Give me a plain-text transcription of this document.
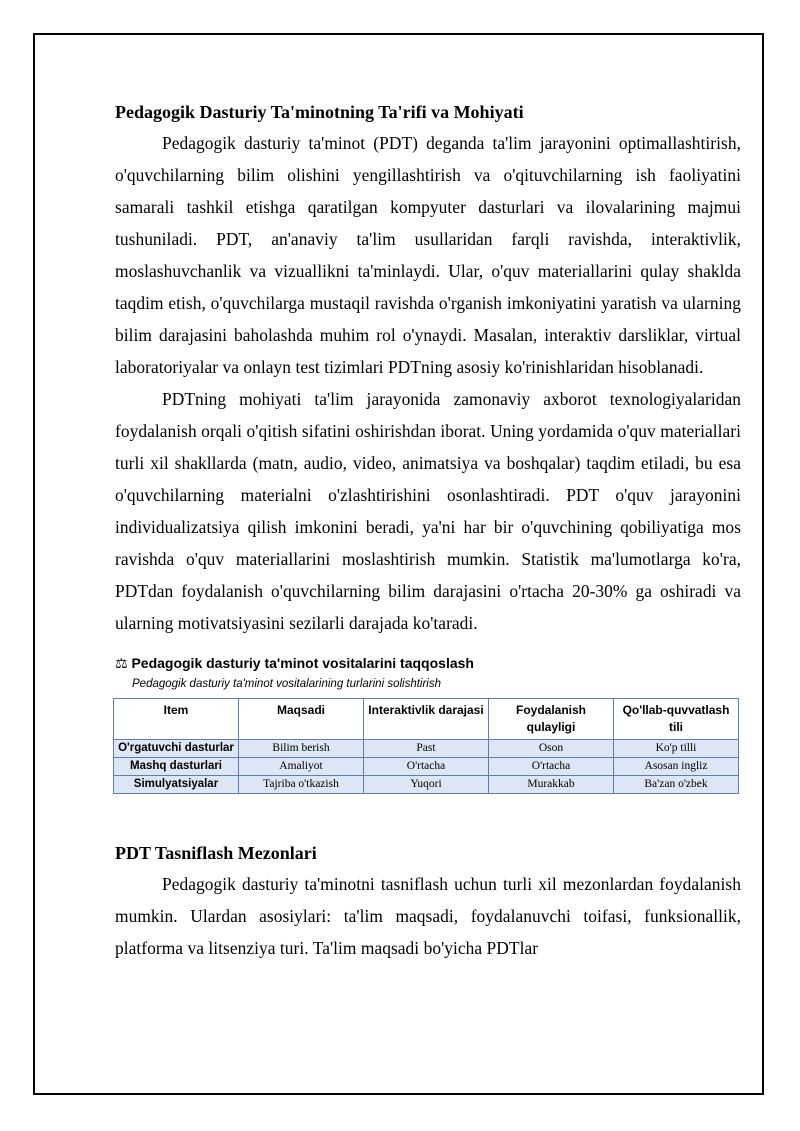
Pedagogik Dasturiy Ta'minotning Ta'rifi va Mohiyati

Pedagogik dasturiy ta'minot (PDT) deganda ta'lim jarayonini optimallashtirish, o'quvchilarning bilim olishini yengillashtirish va o'qituvchilarning ish faoliyatini samarali tashkil etishga qaratilgan kompyuter dasturlari va ilovalarining majmui tushuniladi. PDT, an'anaviy ta'lim usullaridan farqli ravishda, interaktivlik, moslashuvchanlik va vizuallikni ta'minlaydi. Ular, o'quv materiallarini qulay shaklda taqdim etish, o'quvchilarga mustaqil ravishda o'rganish imkoniyatini yaratish va ularning bilim darajasini baholashda muhim rol o'ynaydi. Masalan, interaktiv darsliklar, virtual laboratoriyalar va onlayn test tizimlari PDTning asosiy ko'rinishlaridan hisoblanadi.

PDTning mohiyati ta'lim jarayonida zamonaviy axborot texnologiyalaridan foydalanish orqali o'qitish sifatini oshirishdan iborat. Uning yordamida o'quv materiallari turli xil shakllarda (matn, audio, video, animatsiya va boshqalar) taqdim etiladi, bu esa o'quvchilarning materialni o'zlashtirishini osonlashtiradi. PDT o'quv jarayonini individualizatsiya qilish imkonini beradi, ya'ni har bir o'quvchining qobiliyatiga mos ravishda o'quv materiallarini moslashtirish mumkin. Statistik ma'lumotlarga ko'ra, PDTdan foydalanish o'quvchilarning bilim darajasini o'rtacha 20-30% ga oshiradi va ularning motivatsiyasini sezilarli darajada ko'taradi.

⚖ Pedagogik dasturiy ta'minot vositalarini taqqoslash
Pedagogik dasturiy ta'minot vositalarining turlarini solishtirish
Item	Maqsadi	Interaktivlik darajasi	Foydalanish qulayligi	Qo'llab-quvvatlash tili
O'rgatuvchi dasturlar	Bilim berish	Past	Oson	Ko'p tilli
Mashq dasturlari	Amaliyot	O'rtacha	O'rtacha	Asosan ingliz
Simulyatsiyalar	Tajriba o'tkazish	Yuqori	Murakkab	Ba'zan o'zbek
PDT Tasniflash Mezonlari

Pedagogik dasturiy ta'minotni tasniflash uchun turli xil mezonlardan foydalanish mumkin. Ulardan asosiylari: ta'lim maqsadi, foydalanuvchi toifasi, funksionallik, platforma va litsenziya turi. Ta'lim maqsadi bo'yicha PDTlar
